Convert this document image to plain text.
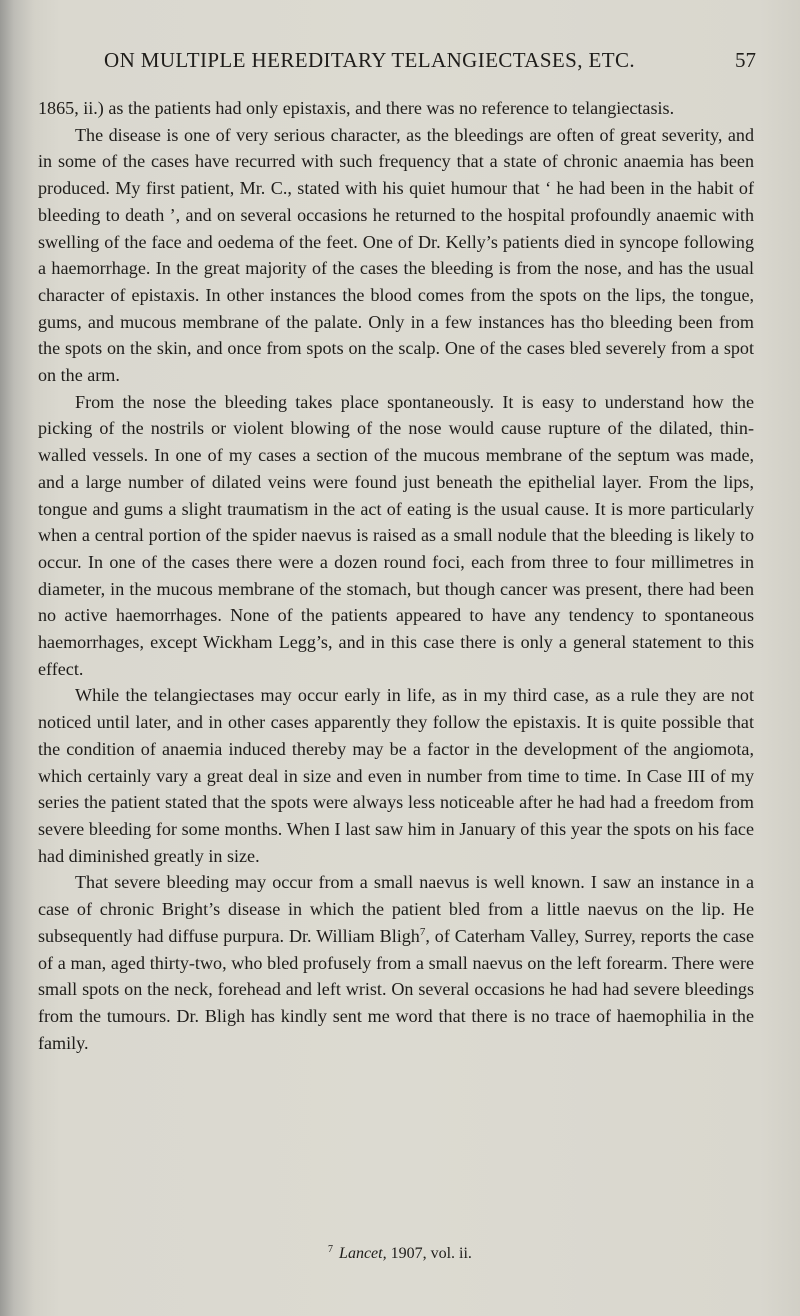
ON MULTIPLE HEREDITARY TELANGIECTASES, ETC.	57

1865, ii.) as the patients had only epistaxis, and there was no reference to telangiectasis.

The disease is one of very serious character, as the bleedings are often of great severity, and in some of the cases have recurred with such frequency that a state of chronic anaemia has been produced. My first patient, Mr. C., stated with his quiet humour that ‘ he had been in the habit of bleeding to death ’, and on several occasions he returned to the hospital profoundly anaemic with swelling of the face and oedema of the feet. One of Dr. Kelly’s patients died in syncope following a haemorrhage. In the great majority of the cases the bleeding is from the nose, and has the usual character of epistaxis. In other instances the blood comes from the spots on the lips, the tongue, gums, and mucous membrane of the palate. Only in a few instances has tho bleeding been from the spots on the skin, and once from spots on the scalp. One of the cases bled severely from a spot on the arm.

From the nose the bleeding takes place spontaneously. It is easy to understand how the picking of the nostrils or violent blowing of the nose would cause rupture of the dilated, thin-walled vessels. In one of my cases a section of the mucous membrane of the septum was made, and a large number of dilated veins were found just beneath the epithelial layer. From the lips, tongue and gums a slight traumatism in the act of eating is the usual cause. It is more particularly when a central portion of the spider naevus is raised as a small nodule that the bleeding is likely to occur. In one of the cases there were a dozen round foci, each from three to four millimetres in diameter, in the mucous membrane of the stomach, but though cancer was present, there had been no active haemorrhages. None of the patients appeared to have any tendency to spontaneous haemorrhages, except Wickham Legg’s, and in this case there is only a general statement to this effect.

While the telangiectases may occur early in life, as in my third case, as a rule they are not noticed until later, and in other cases apparently they follow the epistaxis. It is quite possible that the condition of anaemia induced thereby may be a factor in the development of the angiomota, which certainly vary a great deal in size and even in number from time to time. In Case III of my series the patient stated that the spots were always less noticeable after he had had a freedom from severe bleeding for some months. When I last saw him in January of this year the spots on his face had diminished greatly in size.

That severe bleeding may occur from a small naevus is well known. I saw an instance in a case of chronic Bright’s disease in which the patient bled from a little naevus on the lip. He subsequently had diffuse purpura. Dr. William Bligh$^7$, of Caterham Valley, Surrey, reports the case of a man, aged thirty-two, who bled profusely from a small naevus on the left forearm. There were small spots on the neck, forehead and left wrist. On several occasions he had had severe bleedings from the tumours. Dr. Bligh has kindly sent me word that there is no trace of haemophilia in the family.

$^7$ Lancet, 1907, vol. ii.
